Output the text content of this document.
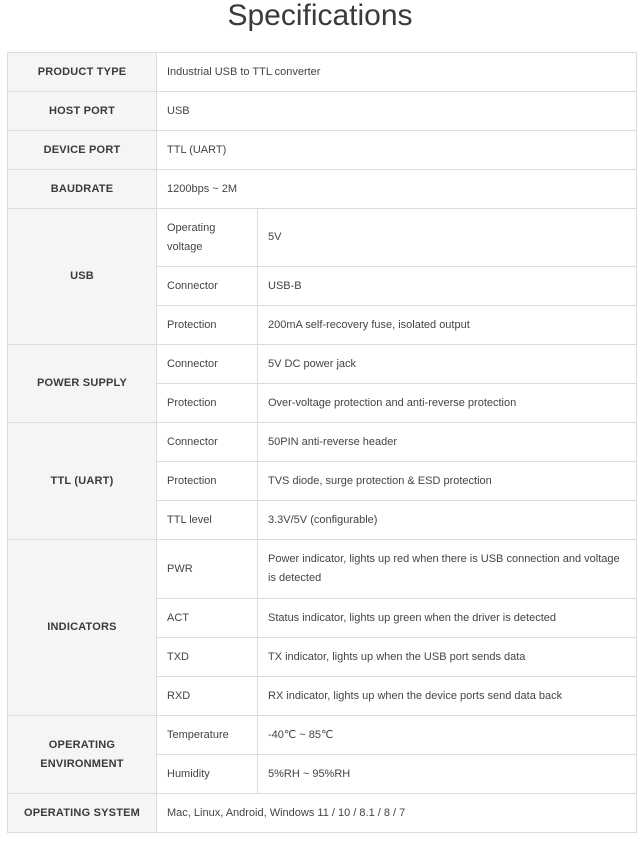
Specifications
PRODUCT TYPE	Industrial USB to TTL converter	
HOST PORT	USB	
DEVICE PORT	TTL (UART)	
BAUDRATE	1200bps ~ 2M	
USB	Operating voltage	5V
	Connector	USB-B
	Protection	200mA self-recovery fuse, isolated output
POWER SUPPLY	Connector	5V DC power jack
	Protection	Over-voltage protection and anti-reverse protection
TTL (UART)	Connector	50PIN anti-reverse header
	Protection	TVS diode, surge protection & ESD protection
	TTL level	3.3V/5V (configurable)
INDICATORS	PWR	Power indicator, lights up red when there is USB connection and voltage is detected
	ACT	Status indicator, lights up green when the driver is detected
	TXD	TX indicator, lights up when the USB port sends data
	RXD	RX indicator, lights up when the device ports send data back
OPERATING ENVIRONMENT	Temperature	-40℃ ~ 85℃
	Humidity	5%RH ~ 95%RH
OPERATING SYSTEM	Mac, Linux, Android, Windows 11 / 10 / 8.1 / 8 / 7	
